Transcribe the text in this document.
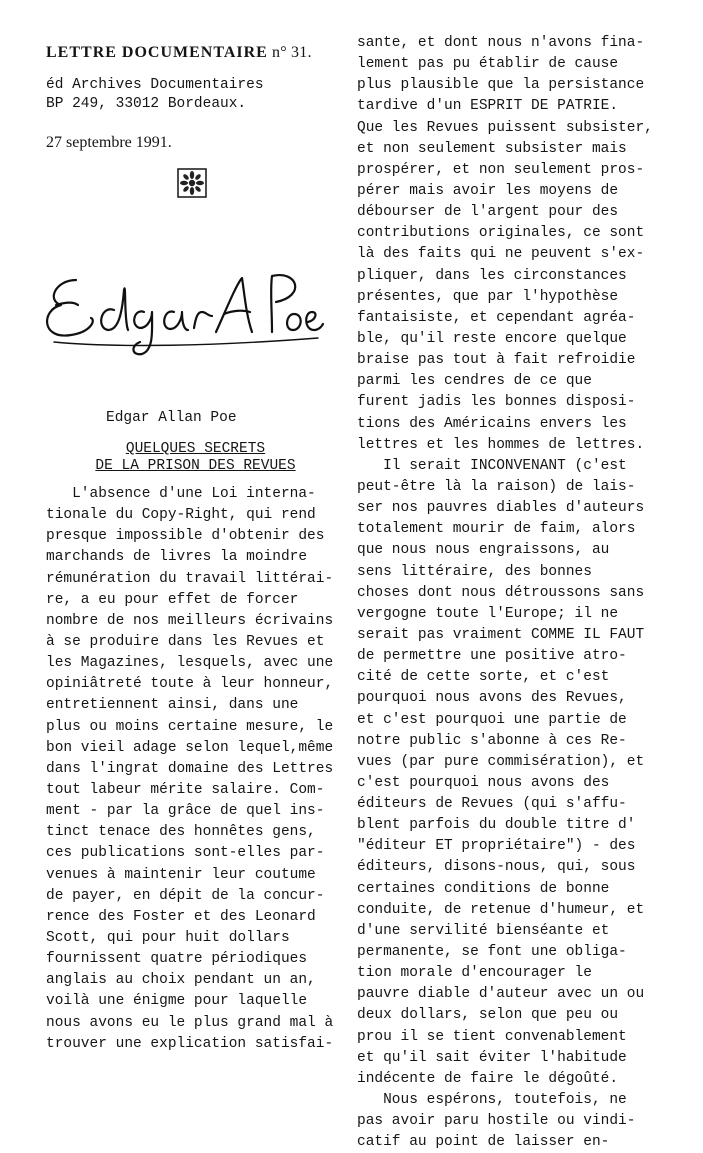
LETTRE DOCUMENTAIRE n° 31.
éd Archives Documentaires
BP 249, 33012 Bordeaux.
27 septembre 1991.
Edgar Allan Poe
QUELQUES SECRETS
DE LA PRISON DES REVUES
L'absence d'une Loi interna-
tionale du Copy-Right, qui rend
presque impossible d'obtenir des
marchands de livres la moindre
rémunération du travail littérai-
re, a eu pour effet de forcer
nombre de nos meilleurs écrivains
à se produire dans les Revues et
les Magazines, lesquels, avec une
opiniâtreté toute à leur honneur,
entretiennent ainsi, dans une
plus ou moins certaine mesure, le
bon vieil adage selon lequel,même
dans l'ingrat domaine des Lettres
tout labeur mérite salaire. Com-
ment - par la grâce de quel ins-
tinct tenace des honnêtes gens,
ces publications sont-elles par-
venues à maintenir leur coutume
de payer, en dépit de la concur-
rence des Foster et des Leonard
Scott, qui pour huit dollars
fournissent quatre périodiques
anglais au choix pendant un an,
voilà une énigme pour laquelle
nous avons eu le plus grand mal à
trouver une explication satisfai-
sante, et dont nous n'avons fina-
lement pas pu établir de cause
plus plausible que la persistance
tardive d'un ESPRIT DE PATRIE.
Que les Revues puissent subsister,
et non seulement subsister mais
prospérer, et non seulement pros-
pérer mais avoir les moyens de
débourser de l'argent pour des
contributions originales, ce sont
là des faits qui ne peuvent s'ex-
pliquer, dans les circonstances
présentes, que par l'hypothèse
fantaisiste, et cependant agréa-
ble, qu'il reste encore quelque
braise pas tout à fait refroidie
parmi les cendres de ce que
furent jadis les bonnes disposi-
tions des Américains envers les
lettres et les hommes de lettres.
Il serait INCONVENANT (c'est
peut-être là la raison) de lais-
ser nos pauvres diables d'auteurs
totalement mourir de faim, alors
que nous nous engraissons, au
sens littéraire, des bonnes
choses dont nous détroussons sans
vergogne toute l'Europe; il ne
serait pas vraiment COMME IL FAUT
de permettre une positive atro-
cité de cette sorte, et c'est
pourquoi nous avons des Revues,
et c'est pourquoi une partie de
notre public s'abonne à ces Re-
vues (par pure commisération), et
c'est pourquoi nous avons des
éditeurs de Revues (qui s'affu-
blent parfois du double titre d'
"éditeur ET propriétaire") - des
éditeurs, disons-nous, qui, sous
certaines conditions de bonne
conduite, de retenue d'humeur, et
d'une servilité bienséante et
permanente, se font une obliga-
tion morale d'encourager le
pauvre diable d'auteur avec un ou
deux dollars, selon que peu ou
prou il se tient convenablement
et qu'il sait éviter l'habitude
indécente de faire le dégoûté.
Nous espérons, toutefois, ne
pas avoir paru hostile ou vindi-
catif au point de laisser en-
